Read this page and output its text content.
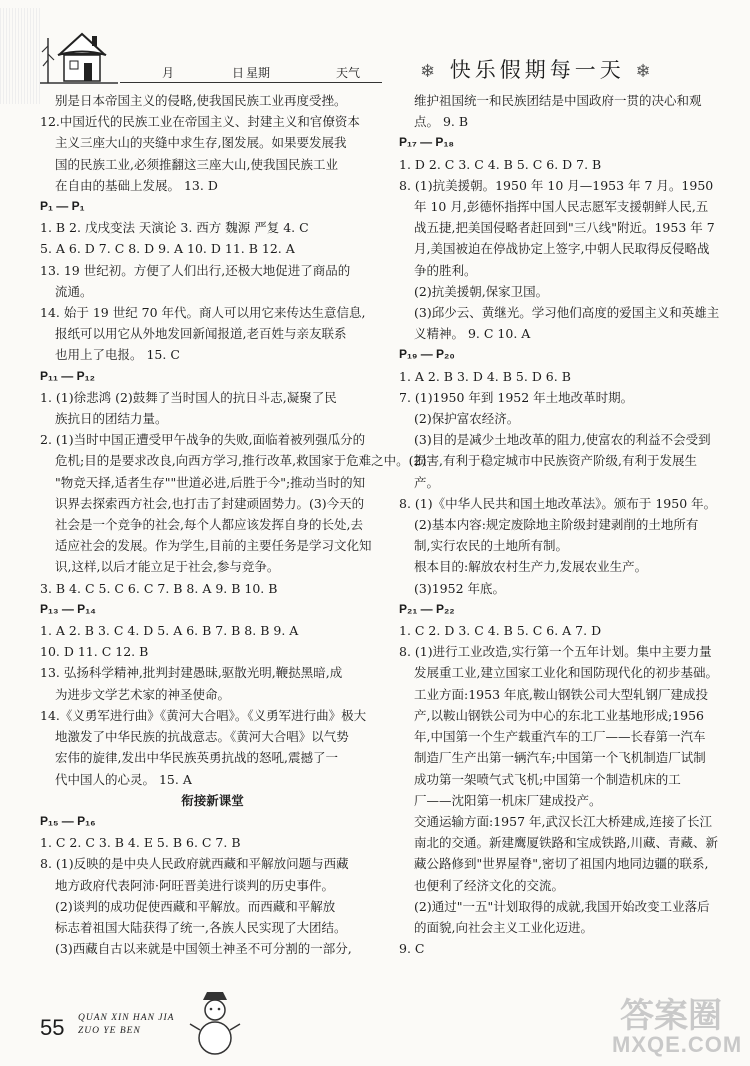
月	日 星期	天气	❄ 快乐假期每一天 ❄
别是日本帝国主义的侵略,使我国民族工业再度受挫。
12.中国近代的民族工业在帝国主义、封建主义和官僚资本
主义三座大山的夹缝中求生存,图发展。如果要发展我
国的民族工业,必须推翻这三座大山,使我国民族工业
在自由的基础上发展。 13. D
P₁ — P₁
1. B 2. 戊戌变法 天演论 3. 西方 魏源 严复 4. C
5. A 6. D 7. C 8. D 9. A 10. D 11. B 12. A
13. 19 世纪初。方便了人们出行,还极大地促进了商品的
流通。
14. 始于 19 世纪 70 年代。商人可以用它来传达生意信息,
报纸可以用它从外地发回新闻报道,老百姓与亲友联系
也用上了电报。 15. C
P₁₁ — P₁₂
1. (1)徐悲鸿 (2)鼓舞了当时国人的抗日斗志,凝聚了民
族抗日的团结力量。
2. (1)当时中国正遭受甲午战争的失败,面临着被列强瓜分的
危机;目的是要求改良,向西方学习,推行改革,救国家于危难之中。(2)
"物竞天择,适者生存""世道必进,后胜于今";推动当时的知
识界去探索西方社会,也打击了封建顽固势力。(3)今天的
社会是一个竞争的社会,每个人都应该发挥自身的长处,去
适应社会的发展。作为学生,目前的主要任务是学习文化知
识,这样,以后才能立足于社会,参与竞争。
3. B 4. C 5. C 6. C 7. B 8. A 9. B 10. B
P₁₃ — P₁₄
1. A 2. B 3. C 4. D 5. A 6. B 7. B 8. B 9. A
10. D 11. C 12. B
13. 弘扬科学精神,批判封建愚昧,驱散光明,鞭挞黑暗,成
为进步文学艺术家的神圣使命。
14.《义勇军进行曲》《黄河大合唱》。《义勇军进行曲》极大
地激发了中华民族的抗战意志。《黄河大合唱》以气势
宏伟的旋律,发出中华民族英勇抗战的怒吼,震撼了一
代中国人的心灵。 15. A
衔接新课堂
P₁₅ — P₁₆
1. C 2. C 3. B 4. E 5. B 6. C 7. B
8. (1)反映的是中央人民政府就西藏和平解放问题与西藏
地方政府代表阿沛·阿旺晋美进行谈判的历史事件。
(2)谈判的成功促使西藏和平解放。而西藏和平解放
标志着祖国大陆获得了统一,各族人民实现了大团结。
(3)西藏自古以来就是中国领土神圣不可分割的一部分,
维护祖国统一和民族团结是中国政府一贯的决心和观
点。 9. B
P₁₇ — P₁₈
1. D 2. C 3. C 4. B 5. C 6. D 7. B
8. (1)抗美援朝。1950 年 10 月—1953 年 7 月。1950
年 10 月,彭德怀指挥中国人民志愿军支援朝鲜人民,五
战五捷,把美国侵略者赶回到"三八线"附近。1953 年 7
月,美国被迫在停战协定上签字,中朝人民取得反侵略战
争的胜利。
(2)抗美援朝,保家卫国。
(3)邱少云、黄继光。学习他们高度的爱国主义和英雄主
义精神。 9. C 10. A
P₁₉ — P₂₀
1. A 2. B 3. D 4. B 5. D 6. B
7. (1)1950 年到 1952 年土地改革时期。
(2)保护富农经济。
(3)目的是减少土地改革的阻力,使富农的利益不会受到
损害,有利于稳定城市中民族资产阶级,有利于发展生
产。
8. (1)《中华人民共和国土地改革法》。颁布于 1950 年。
(2)基本内容:规定废除地主阶级封建剥削的土地所有
制,实行农民的土地所有制。
根本目的:解放农村生产力,发展农业生产。
(3)1952 年底。
P₂₁ — P₂₂
1. C 2. D 3. C 4. B 5. C 6. A 7. D
8. (1)进行工业改造,实行第一个五年计划。集中主要力量
发展重工业,建立国家工业化和国防现代化的初步基础。
工业方面:1953 年底,鞍山钢铁公司大型轧钢厂建成投
产,以鞍山钢铁公司为中心的东北工业基地形成;1956
年,中国第一个生产载重汽车的工厂——长春第一汽车
制造厂生产出第一辆汽车;中国第一个飞机制造厂试制
成功第一架喷气式飞机;中国第一个制造机床的工
厂——沈阳第一机床厂建成投产。
交通运输方面:1957 年,武汉长江大桥建成,连接了长江
南北的交通。新建鹰厦铁路和宝成铁路,川藏、青藏、新
藏公路修到"世界屋脊",密切了祖国内地同边疆的联系,
也便利了经济文化的交流。
(2)通过"一五"计划取得的成就,我国开始改变工业落后
的面貌,向社会主义工业化迈进。
9. C
55 QUAN XIN HAN JIA
ZUO YE BEN	答案圈
MXQE.COM
